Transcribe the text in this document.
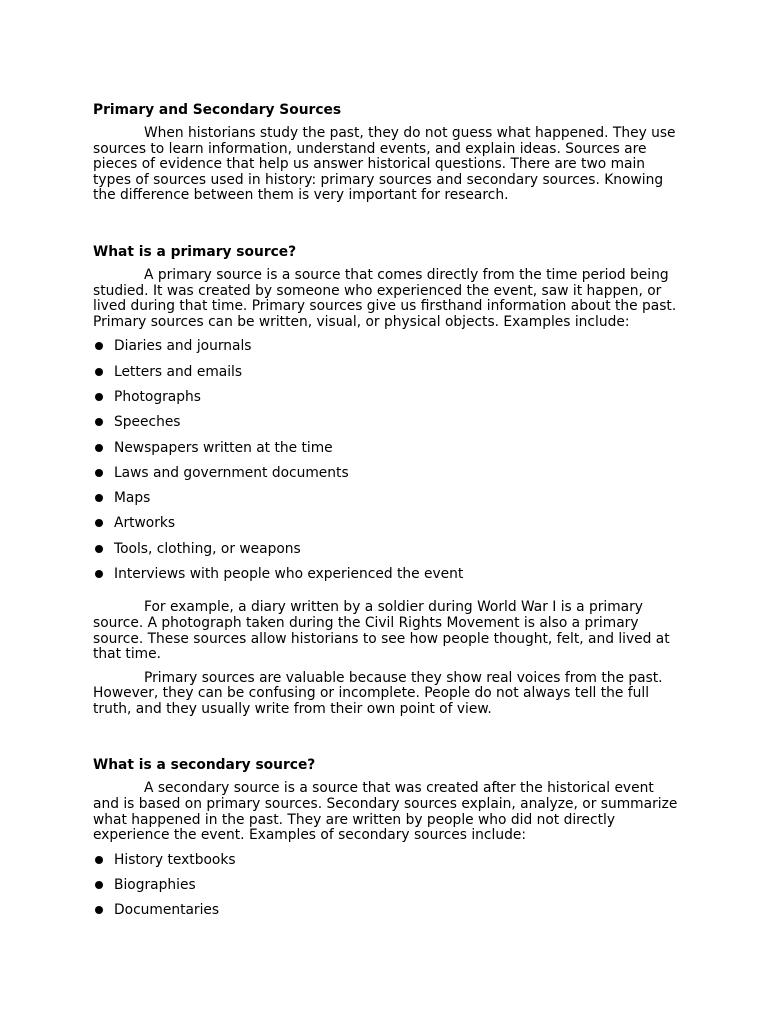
Primary and Secondary Sources

When historians study the past, they do not guess what happened. They use sources to learn information, understand events, and explain ideas. Sources are pieces of evidence that help us answer historical questions. There are two main types of sources used in history: primary sources and secondary sources. Knowing the difference between them is very important for research.

What is a primary source?

A primary source is a source that comes directly from the time period being studied. It was created by someone who experienced the event, saw it happen, or lived during that time. Primary sources give us firsthand information about the past. Primary sources can be written, visual, or physical objects. Examples include:

Diaries and journals
Letters and emails
Photographs
Speeches
Newspapers written at the time
Laws and government documents
Maps
Artworks
Tools, clothing, or weapons
Interviews with people who experienced the event

For example, a diary written by a soldier during World War I is a primary source. A photograph taken during the Civil Rights Movement is also a primary source. These sources allow historians to see how people thought, felt, and lived at that time.

Primary sources are valuable because they show real voices from the past. However, they can be confusing or incomplete. People do not always tell the full truth, and they usually write from their own point of view.

What is a secondary source?

A secondary source is a source that was created after the historical event and is based on primary sources. Secondary sources explain, analyze, or summarize what happened in the past. They are written by people who did not directly experience the event. Examples of secondary sources include:

History textbooks
Biographies
Documentaries
